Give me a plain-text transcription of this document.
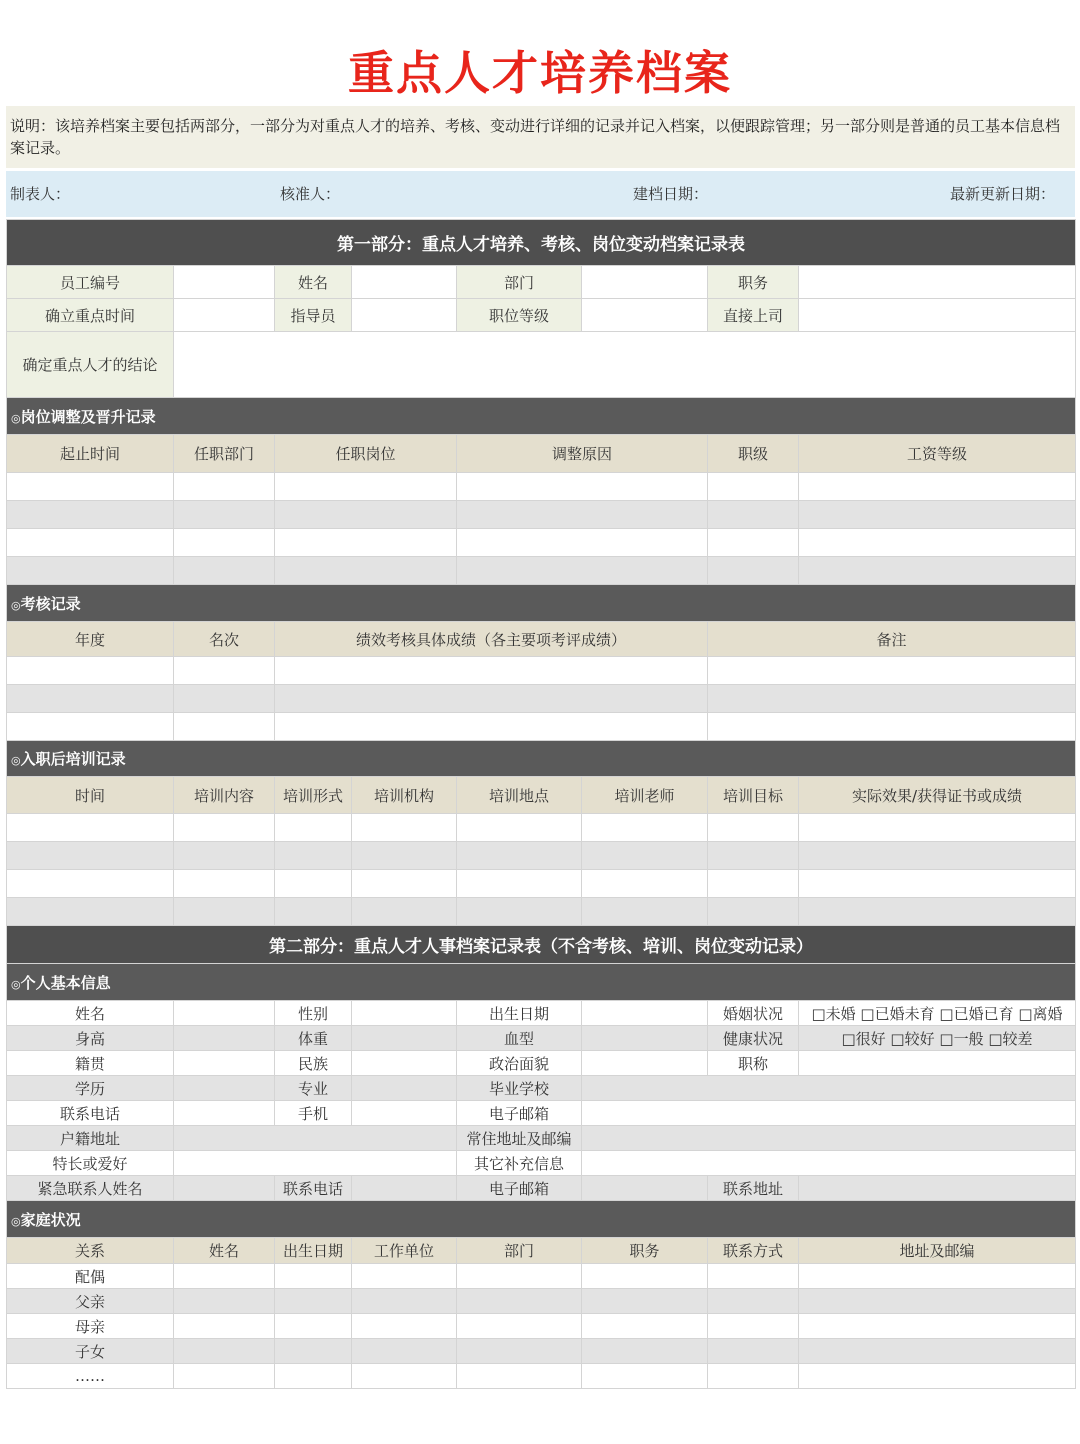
重点人才培养档案
说明：该培养档案主要包括两部分，一部分为对重点人才的培养、考核、变动进行详细的记录并记入档案，以便跟踪管理；另一部分则是普通的员工基本信息档案记录。
制表人：	核准人：	建档日期：	最新更新日期：
第一部分：重点人才培养、考核、岗位变动档案记录表							
员工编号		姓名		部门		职务	
确立重点时间		指导员		职位等级		直接上司	
确定重点人才的结论							
◎岗位调整及晋升记录							
起止时间	任职部门	任职岗位		调整原因		职级	工资等级

◎考核记录							
年度	名次	绩效考核具体成绩（各主要项考评成绩）				备注	

◎入职后培训记录							
时间	培训内容	培训形式	培训机构	培训地点	培训老师	培训目标	实际效果/获得证书或成绩

第二部分：重点人才人事档案记录表（不含考核、培训、岗位变动记录）							
◎个人基本信息							
姓名		性别		出生日期		婚姻状况	□未婚 □已婚未育 □已婚已育 □离婚
身高		体重		血型		健康状况	□很好 □较好 □一般 □较差
籍贯		民族		政治面貌		职称	
学历		专业		毕业学校			
联系电话		手机		电子邮箱			
户籍地址				常住地址及邮编			
特长或爱好				其它补充信息			
紧急联系人姓名		联系电话		电子邮箱		联系地址	
◎家庭状况							
关系	姓名	出生日期	工作单位	部门	职务	联系方式	地址及邮编
配偶							
父亲							
母亲							
子女							
……							
